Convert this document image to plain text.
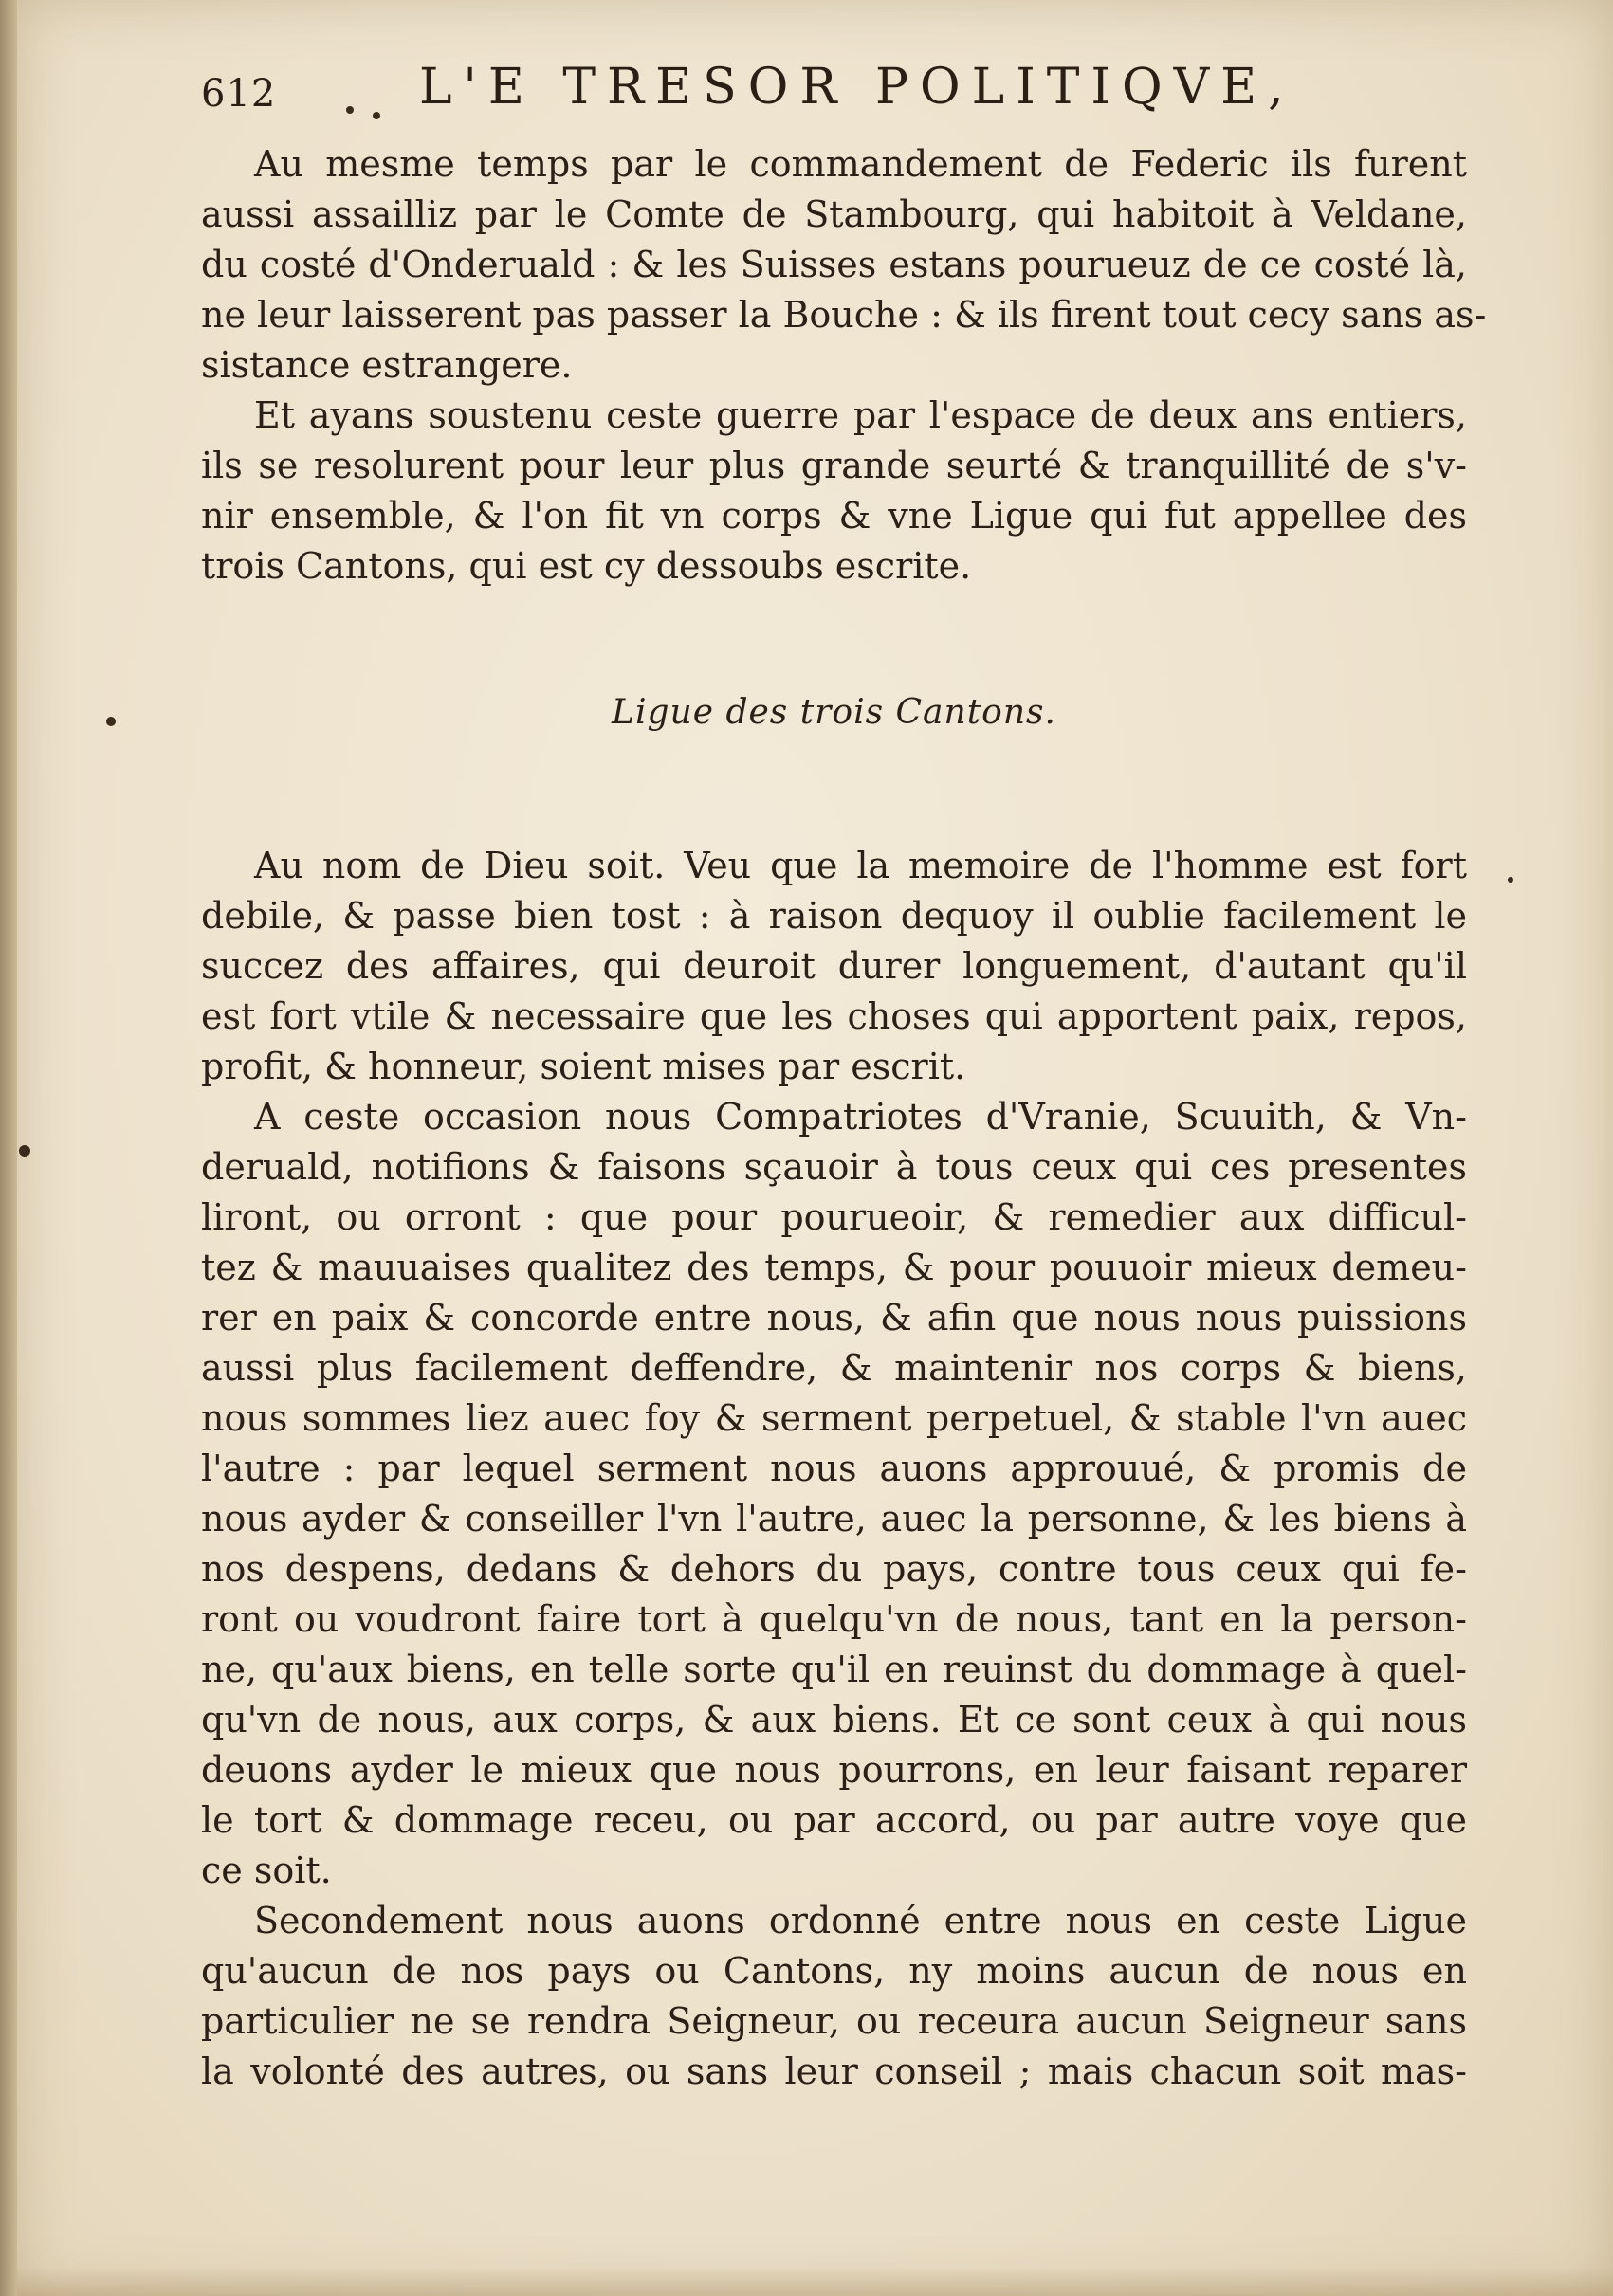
612	L'E TRESOR POLITIQVE,
Au mesme temps par le commandement de Federic ils furent
aussi assailliz par le Comte de Stambourg, qui habitoit à Veldane,
du costé d'Onderuald : & les Suisses estans pourueuz de ce costé là,
ne leur laisserent pas passer la Bouche : & ils firent tout cecy sans as-
sistance estrangere.
Et ayans soustenu ceste guerre par l'espace de deux ans entiers,
ils se resolurent pour leur plus grande seurté & tranquillité de s'v-
nir ensemble, & l'on fit vn corps & vne Ligue qui fut appellee des
trois Cantons, qui est cy dessoubs escrite.
Ligue des trois Cantons.
Au nom de Dieu soit. Veu que la memoire de l'homme est fort
debile, & passe bien tost : à raison dequoy il oublie facilement le
succez des affaires, qui deuroit durer longuement, d'autant qu'il
est fort vtile & necessaire que les choses qui apportent paix, repos,
profit, & honneur, soient mises par escrit.
A ceste occasion nous Compatriotes d'Vranie, Scuuith, & Vn-
deruald, notifions & faisons sçauoir à tous ceux qui ces presentes
liront, ou orront : que pour pourueoir, & remedier aux difficul-
tez & mauuaises qualitez des temps, & pour pouuoir mieux demeu-
rer en paix & concorde entre nous, & afin que nous nous puissions
aussi plus facilement deffendre, & maintenir nos corps & biens,
nous sommes liez auec foy & serment perpetuel, & stable l'vn auec
l'autre : par lequel serment nous auons approuué, & promis de
nous ayder & conseiller l'vn l'autre, auec la personne, & les biens à
nos despens, dedans & dehors du pays, contre tous ceux qui fe-
ront ou voudront faire tort à quelqu'vn de nous, tant en la person-
ne, qu'aux biens, en telle sorte qu'il en reuinst du dommage à quel-
qu'vn de nous, aux corps, & aux biens. Et ce sont ceux à qui nous
deuons ayder le mieux que nous pourrons, en leur faisant reparer
le tort & dommage receu, ou par accord, ou par autre voye que
ce soit.
Secondement nous auons ordonné entre nous en ceste Ligue
qu'aucun de nos pays ou Cantons, ny moins aucun de nous en
particulier ne se rendra Seigneur, ou receura aucun Seigneur sans
la volonté des autres, ou sans leur conseil ; mais chacun soit mas-
